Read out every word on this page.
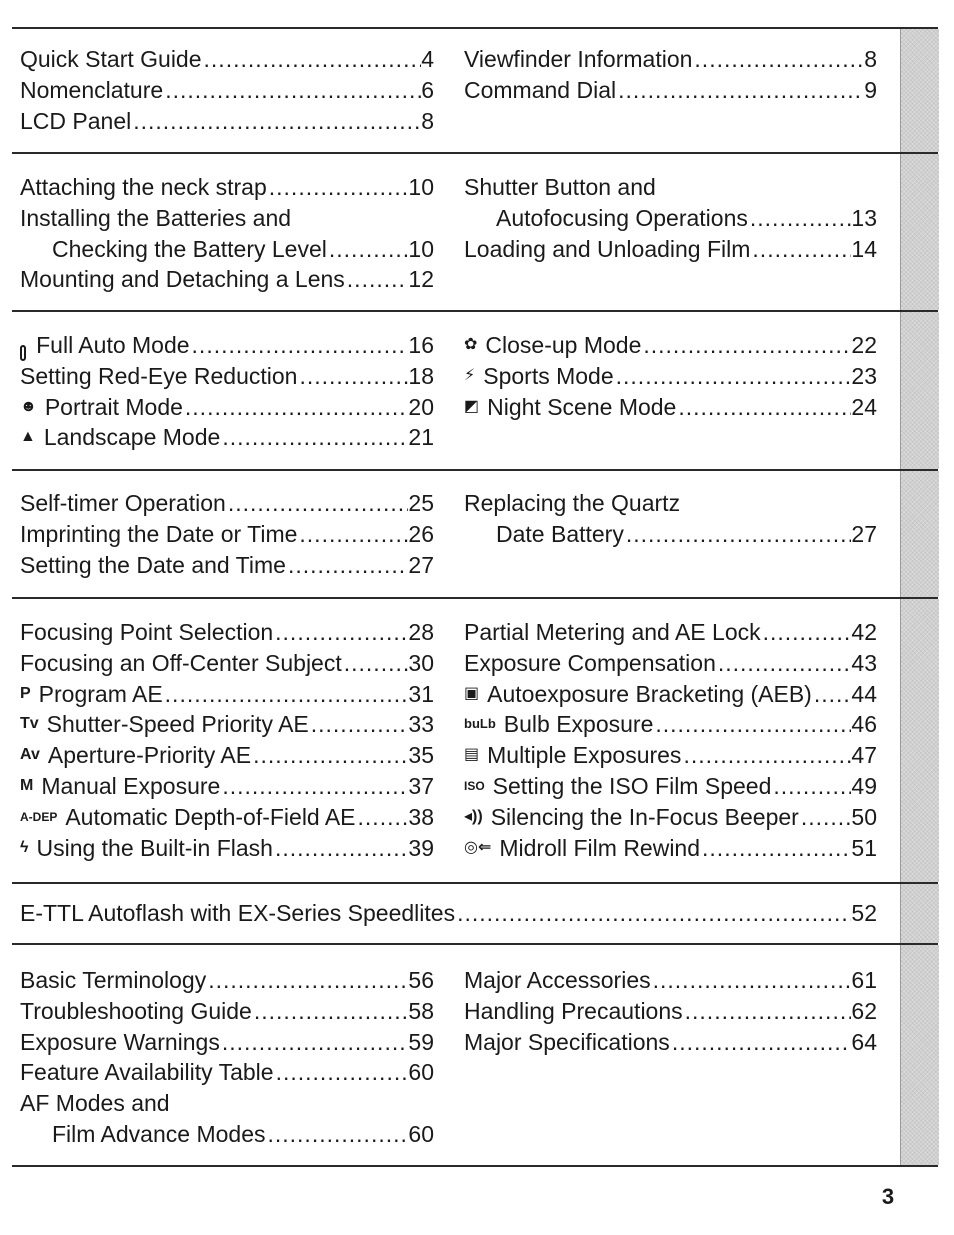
Quick Start Guide .....	4
Nomenclature .....	6
LCD Panel .....	8
Viewfinder Information .....	8
Command Dial .....	9
Attaching the neck strap .....	10
Installing the Batteries and
Checking the Battery Level .....	10
Mounting and Detaching a Lens .....	12
Shutter Button and
Autofocusing Operations .....	13
Loading and Unloading Film .....	14
Full Auto Mode .....	16
Setting Red-Eye Reduction .....	18
☻ Portrait Mode .....	20
▲ Landscape Mode .....	21
✿ Close-up Mode .....	22
⚡ Sports Mode .....	23
◩ Night Scene Mode .....	24
Self-timer Operation .....	25
Imprinting the Date or Time .....	26
Setting the Date and Time .....	27
Replacing the Quartz
Date Battery .....	27
Focusing Point Selection .....	28
Focusing an Off-Center Subject .....	30
P Program AE .....	31
Tv Shutter-Speed Priority AE .....	33
Av Aperture-Priority AE .....	35
M Manual Exposure .....	37
A-DEP Automatic Depth-of-Field AE ..... 38
ϟ Using the Built-in Flash .....	39
Partial Metering and AE Lock .....	42
Exposure Compensation .....	43
▣ Autoexposure Bracketing (AEB) ..... 44
buLb Bulb Exposure .....	46
▤ Multiple Exposures .....	47
ISO Setting the ISO Film Speed .....	49
◂)) Silencing the In-Focus Beeper ..... 50
◎⇐ Midroll Film Rewind .....	51
E-TTL Autoflash with EX-Series Speedlites .....	52
Basic Terminology .....	56
Troubleshooting Guide .....	58
Exposure Warnings .....	59
Feature Availability Table .....	60
AF Modes and
Film Advance Modes .....	60
Major Accessories .....	61
Handling Precautions .....	62
Major Specifications .....	64
3
